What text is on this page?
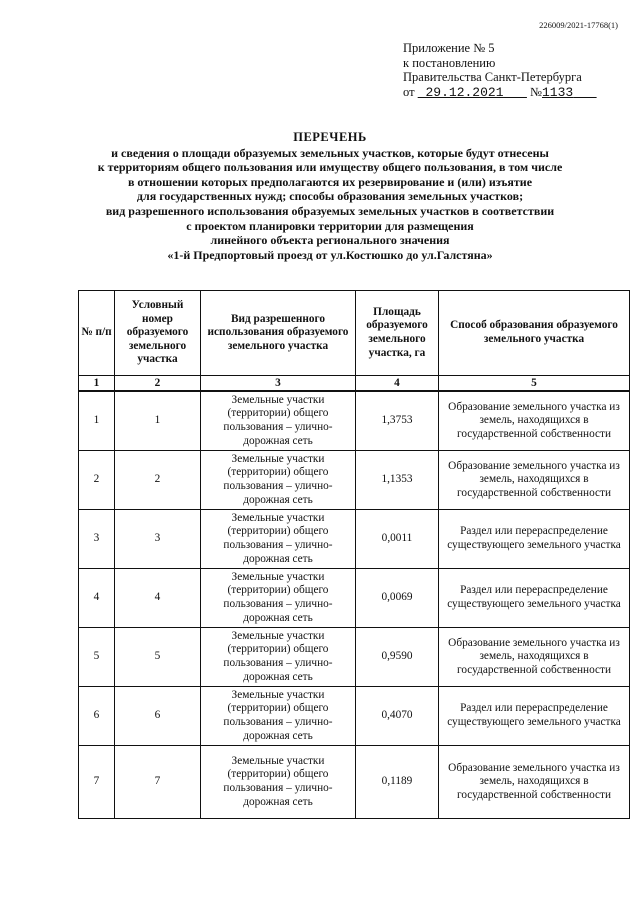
226009/2021-17768(1)
Приложение № 5
к постановлению
Правительства Санкт-Петербурга
от 29.12.2021 №1133
ПЕРЕЧЕНЬ
и сведения о площади образуемых земельных участков, которые будут отнесены
к территориям общего пользования или имуществу общего пользования, в том числе
в отношении которых предполагаются их резервирование и (или) изъятие
для государственных нужд; способы образования земельных участков;
вид разрешенного использования образуемых земельных участков в соответствии
с проектом планировки территории для размещения
линейного объекта регионального значения
«1-й Предпортовый проезд от ул.Костюшко до ул.Галстяна»
№ п/п	Условный номер образуемого земельного участка	Вид разрешенного использования образуемого земельного участка	Площадь образуемого земельного участка, га	Способ образования образуемого земельного участка
1	2	3	4	5
1	1	Земельные участки (территории) общего пользования – улично-дорожная сеть	1,3753	Образование земельного участка из земель, находящихся в государственной собственности
2	2	Земельные участки (территории) общего пользования – улично-дорожная сеть	1,1353	Образование земельного участка из земель, находящихся в государственной собственности
3	3	Земельные участки (территории) общего пользования – улично-дорожная сеть	0,0011	Раздел или перераспределение существующего земельного участка
4	4	Земельные участки (территории) общего пользования – улично-дорожная сеть	0,0069	Раздел или перераспределение существующего земельного участка
5	5	Земельные участки (территории) общего пользования – улично-дорожная сеть	0,9590	Образование земельного участка из земель, находящихся в государственной собственности
6	6	Земельные участки (территории) общего пользования – улично-дорожная сеть	0,4070	Раздел или перераспределение существующего земельного участка
7	7	Земельные участки (территории) общего пользования – улично-дорожная сеть	0,1189	Образование земельного участка из земель, находящихся в государственной собственности
